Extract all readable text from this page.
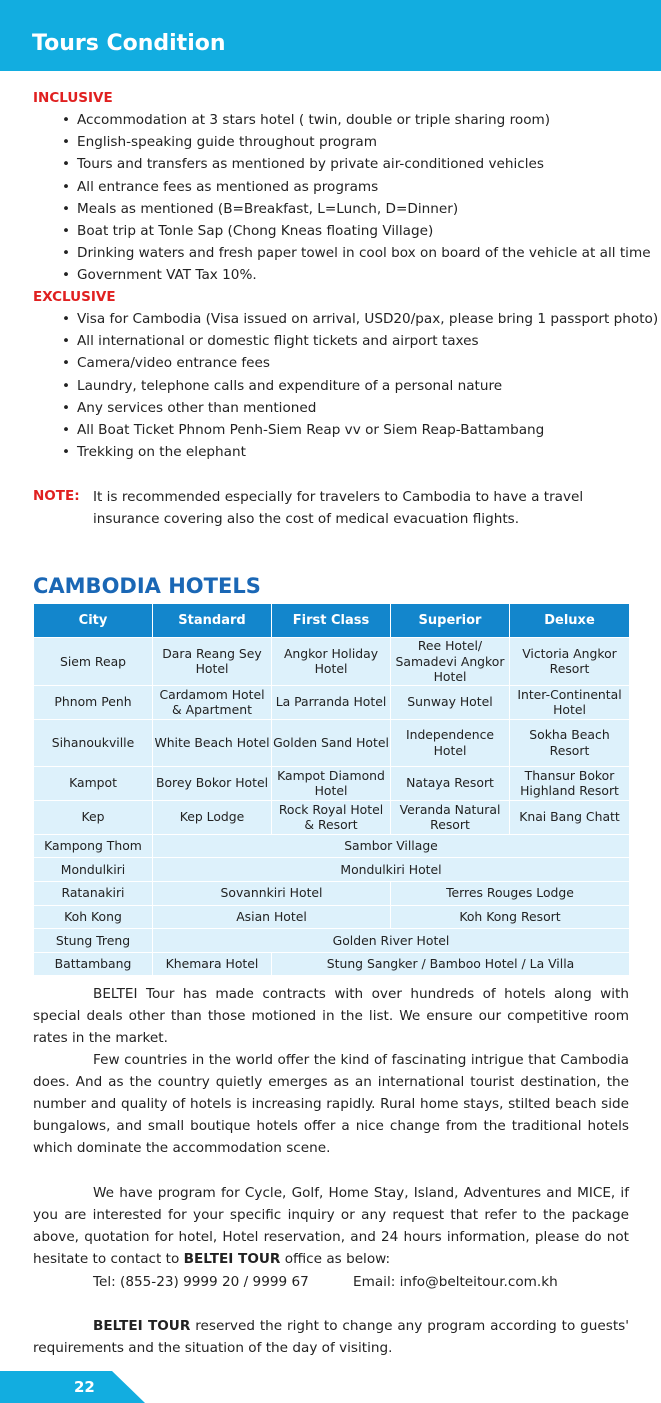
Tours Condition
INCLUSIVE
• Accommodation at 3 stars hotel ( twin, double or triple sharing room)
• English-speaking guide throughout program
• Tours and transfers as mentioned by private air-conditioned vehicles
• All entrance fees as mentioned as programs
• Meals as mentioned (B=Breakfast, L=Lunch, D=Dinner)
• Boat trip at Tonle Sap (Chong Kneas floating Village)
• Drinking waters and fresh paper towel in cool box on board of the vehicle at all time
• Government VAT Tax 10%.
EXCLUSIVE
• Visa for Cambodia (Visa issued on arrival, USD20/pax, please bring 1 passport photo)
• All international or domestic flight tickets and airport taxes
• Camera/video entrance fees
• Laundry, telephone calls and expenditure of a personal nature
• Any services other than mentioned
• All Boat Ticket Phnom Penh-Siem Reap vv or Siem Reap-Battambang
• Trekking on the elephant
NOTE: It is recommended especially for travelers to Cambodia to have a travel insurance covering also the cost of medical evacuation flights.
CAMBODIA HOTELS
City	Standard	First Class	Superior	Deluxe
Siem Reap	Dara Reang Sey Hotel	Angkor Holiday Hotel	Ree Hotel/ Samadevi Angkor Hotel	Victoria Angkor Resort
Phnom Penh	Cardamom Hotel & Apartment	La Parranda Hotel	Sunway Hotel	Inter-Continental Hotel
Sihanoukville	White Beach Hotel	Golden Sand Hotel	Independence Hotel	Sokha Beach Resort
Kampot	Borey Bokor Hotel	Kampot Diamond Hotel	Nataya Resort	Thansur Bokor Highland Resort
Kep	Kep Lodge	Rock Royal Hotel & Resort	Veranda Natural Resort	Knai Bang Chatt
Kampong Thom	Sambor Village			
Mondulkiri	Mondulkiri Hotel			
Ratanakiri	Sovannkiri Hotel		Terres Rouges Lodge	
Koh Kong	Asian Hotel		Koh Kong Resort	
Stung Treng	Golden River Hotel			
Battambang	Khemara Hotel	Stung Sangker / Bamboo Hotel / La Villa		
BELTEI Tour has made contracts with over hundreds of hotels along with special deals other than those motioned in the list. We ensure our competitive room rates in the market.
Few countries in the world offer the kind of fascinating intrigue that Cambodia does. And as the country quietly emerges as an international tourist destination, the number and quality of hotels is increasing rapidly. Rural home stays, stilted beach side bungalows, and small boutique hotels offer a nice change from the traditional hotels which dominate the accommodation scene.
We have program for Cycle, Golf, Home Stay, Island, Adventures and MICE, if you are interested for your specific inquiry or any request that refer to the package above, quotation for hotel, Hotel reservation, and 24 hours information, please do not hesitate to contact to BELTEI TOUR office as below:
Tel: (855-23) 9999 20 / 9999 67	Email: info@belteitour.com.kh
BELTEI TOUR reserved the right to change any program according to guests' requirements and the situation of the day of visiting.
22
